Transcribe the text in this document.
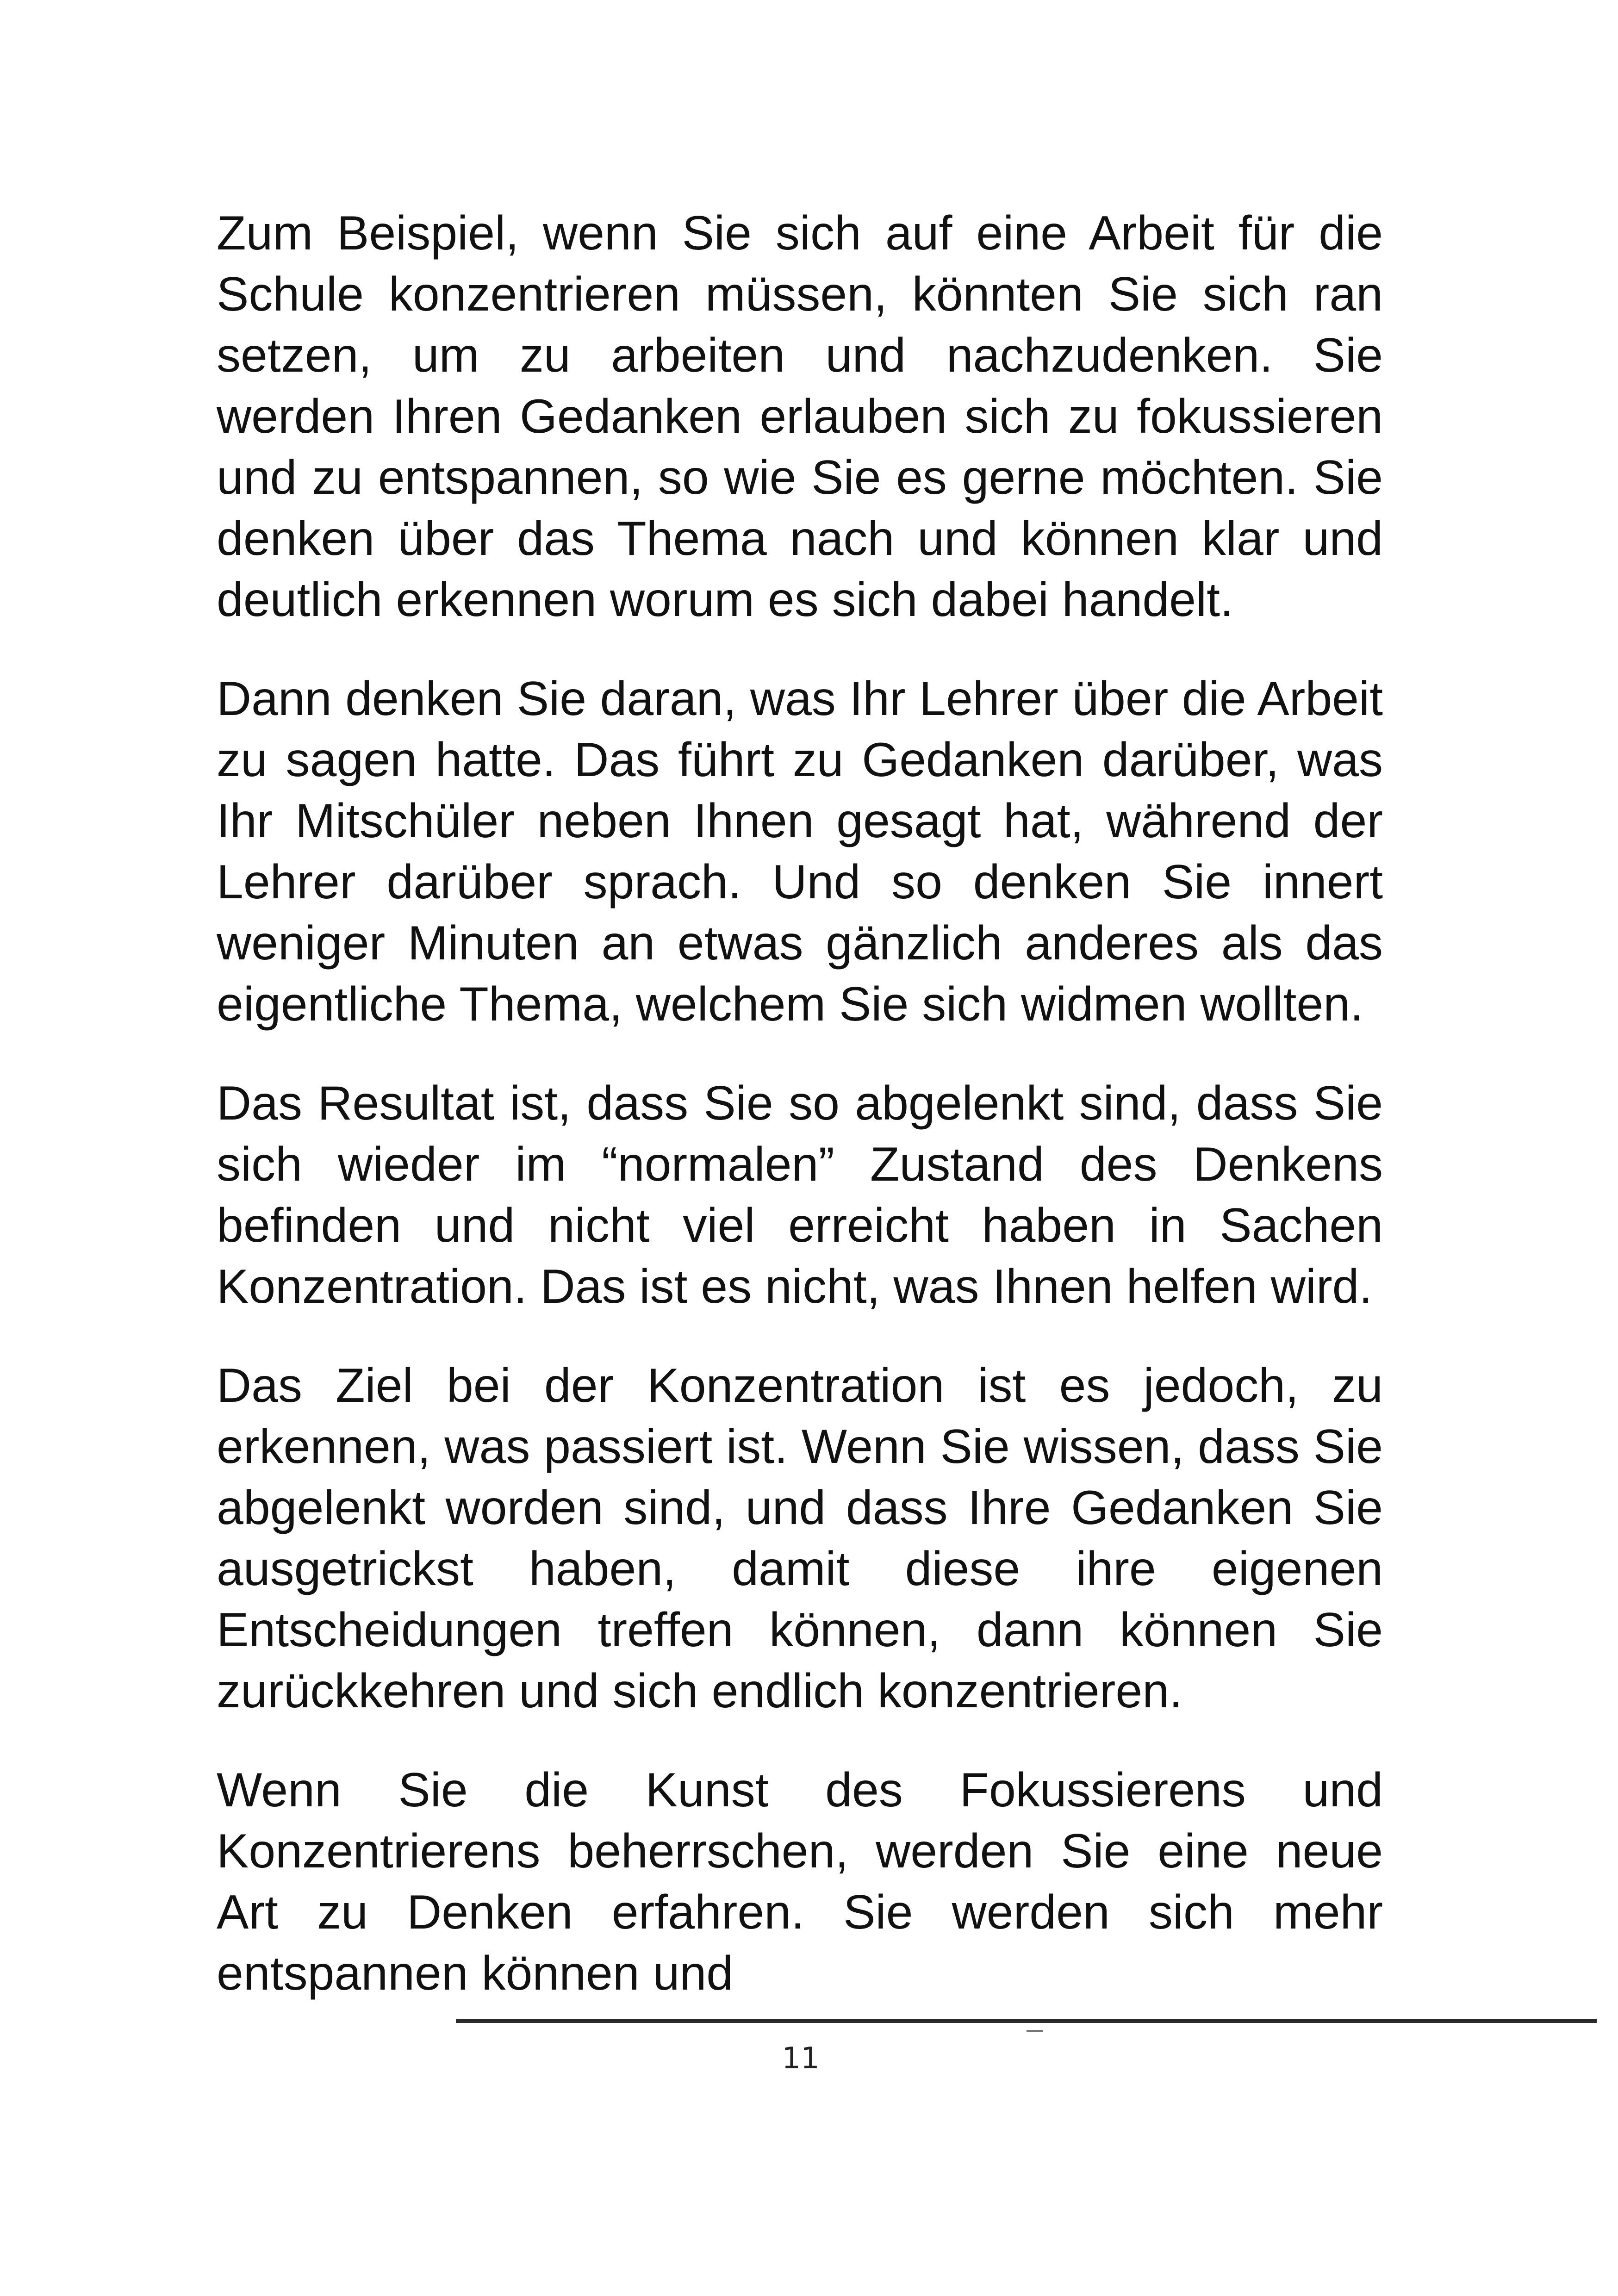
Zum Beispiel, wenn Sie sich auf eine Arbeit für die Schule konzentrieren müssen, könnten Sie sich ran setzen, um zu arbeiten und nachzudenken. Sie werden Ihren Gedanken erlauben sich zu fokussieren und zu entspannen, so wie Sie es gerne möchten. Sie denken über das Thema nach und können klar und deutlich erkennen worum es sich dabei handelt.

Dann denken Sie daran, was Ihr Lehrer über die Arbeit zu sagen hatte. Das führt zu Gedanken darüber, was Ihr Mitschüler neben Ihnen gesagt hat, während der Lehrer darüber sprach. Und so denken Sie innert weniger Minuten an etwas gänzlich anderes als das eigentliche Thema, welchem Sie sich widmen wollten.

Das Resultat ist, dass Sie so abgelenkt sind, dass Sie sich wieder im “normalen” Zustand des Denkens befinden und nicht viel erreicht haben in Sachen Konzentration. Das ist es nicht, was Ihnen helfen wird.

Das Ziel bei der Konzentration ist es jedoch, zu erkennen, was passiert ist. Wenn Sie wissen, dass Sie abgelenkt worden sind, und dass Ihre Gedanken Sie ausgetrickst haben, damit diese ihre eigenen Entscheidungen treffen können, dann können Sie zurückkehren und sich endlich konzentrieren.

Wenn Sie die Kunst des Fokussierens und Konzentrierens beherrschen, werden Sie eine neue Art zu Denken erfahren. Sie werden sich mehr entspannen können und

11
